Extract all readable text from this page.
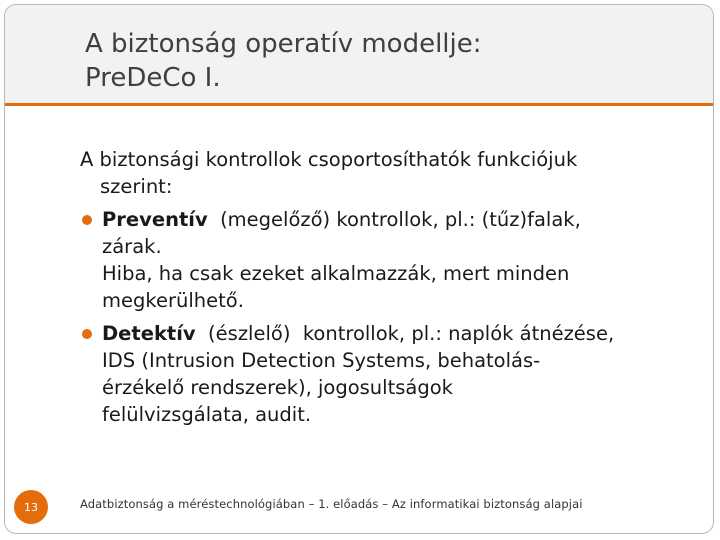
A biztonság operatív modellje:
PreDeCo I.
A biztonsági kontrollok csoportosíthatók funkciójuk
szerint:
Preventív  (megelőző) kontrollok, pl.: (tűz)falak,
zárak.
Hiba, ha csak ezeket alkalmazzák, mert minden
megkerülhető.
Detektív  (észlelő)  kontrollok, pl.: naplók átnézése,
IDS (Intrusion Detection Systems, behatolás-
érzékelő rendszerek), jogosultságok
felülvizsgálata, audit.
13	Adatbiztonság a méréstechnológiában – 1. előadás – Az informatikai biztonság alapjai
